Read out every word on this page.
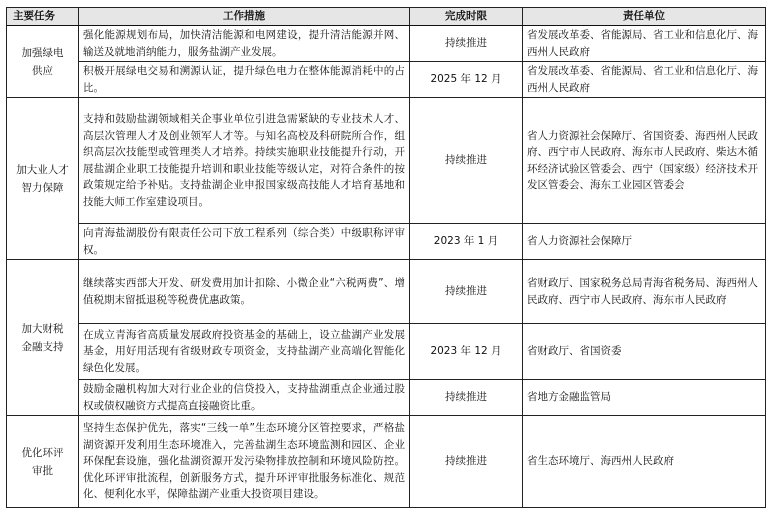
主要任务	工作措施	完成时限	责任单位

加强绿电供应	强化能源规划布局，加快清洁能源和电网建设，提升清洁能源并网、输送及就地消纳能力，服务盐湖产业发展。	持续推进	省发展改革委、省能源局、省工业和信息化厅、海西州人民政府
	积极开展绿电交易和溯源认证，提升绿色电力在整体能源消耗中的占比。	2025 年 12 月	省发展改革委、省能源局、省工业和信息化厅、海西州人民政府

加大业人才智力保障	支持和鼓励盐湖领域相关企事业单位引进急需紧缺的专业技术人才、高层次管理人才及创业领军人才等。与知名高校及科研院所合作，组织高层次技能型或管理类人才培养。持续实施职业技能提升行动，开展盐湖企业职工技能提升培训和职业技能等级认定，对符合条件的按政策规定给予补贴。支持盐湖企业申报国家级高技能人才培育基地和技能大师工作室建设项目。	持续推进	省人力资源社会保障厅、省国资委、海西州人民政府、西宁市人民政府、海东市人民政府、柴达木循环经济试验区管委会、西宁（国家级）经济技术开发区管委会、海东工业园区管委会
	向青海盐湖股份有限责任公司下放工程系列（综合类）中级职称评审权。	2023 年 1 月	省人力资源社会保障厅

加大财税金融支持	继续落实西部大开发、研发费用加计扣除、小微企业“六税两费”、增值税期末留抵退税等税费优惠政策。	持续推进	省财政厅、国家税务总局青海省税务局、海西州人民政府、西宁市人民政府、海东市人民政府
	在成立青海省高质量发展政府投资基金的基础上，设立盐湖产业发展基金，用好用活现有省级财政专项资金，支持盐湖产业高端化智能化绿色化发展。	2023 年 12 月	省财政厅、省国资委
	鼓励金融机构加大对行业企业的信贷投入，支持盐湖重点企业通过股权或债权融资方式提高直接融资比重。	持续推进	省地方金融监管局

优化环评审批	坚持生态保护优先，落实“三线一单”生态环境分区管控要求，严格盐湖资源开发利用生态环境准入，完善盐湖生态环境监测和园区、企业环保配套设施，强化盐湖资源开发污染物排放控制和环境风险防控。优化环评审批流程，创新服务方式，提升环评审批服务标准化、规范化、便利化水平，保障盐湖产业重大投资项目建设。	持续推进	省生态环境厅、海西州人民政府
